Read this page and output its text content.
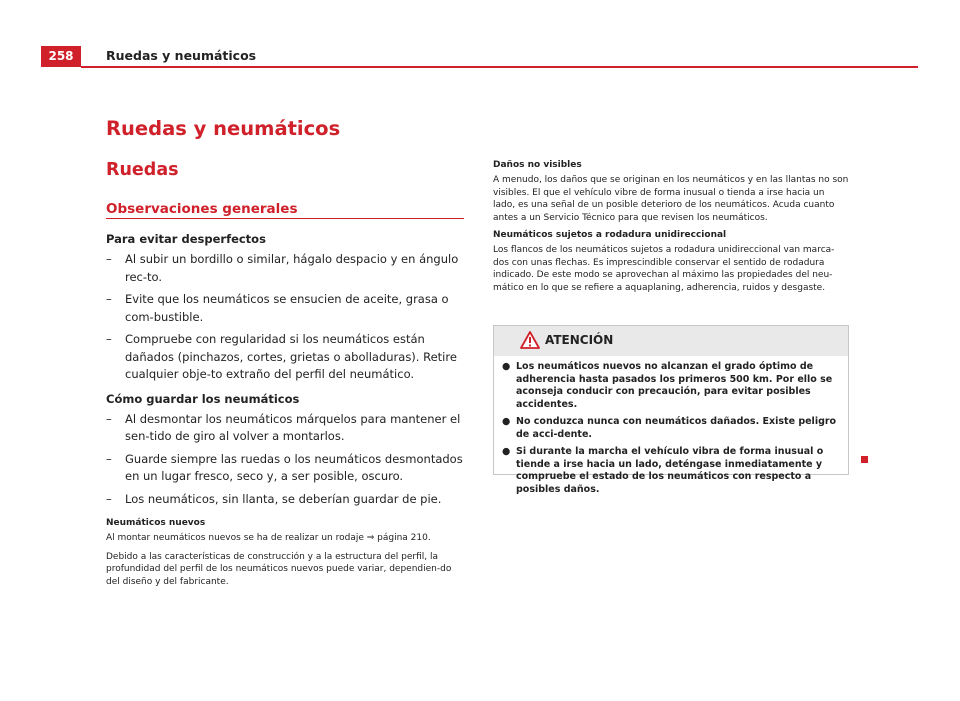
258	Ruedas y neumáticos
Ruedas y neumáticos
Ruedas
Observaciones generales

Para evitar desperfectos

– Al subir un bordillo o similar, hágalo despacio y en ángulo rec-to.
– Evite que los neumáticos se ensucien de aceite, grasa o com-bustible.
– Compruebe con regularidad si los neumáticos están dañados (pinchazos, cortes, grietas o abolladuras). Retire cualquier obje-to extraño del perfil del neumático.

Cómo guardar los neumáticos

– Al desmontar los neumáticos márquelos para mantener el sen-tido de giro al volver a montarlos.
– Guarde siempre las ruedas o los neumáticos desmontados en un lugar fresco, seco y, a ser posible, oscuro.
– Los neumáticos, sin llanta, se deberían guardar de pie.

Neumáticos nuevos

Al montar neumáticos nuevos se ha de realizar un rodaje ⇒ página 210.

Debido a las características de construcción y a la estructura del perfil, la profundidad del perfil de los neumáticos nuevos puede variar, dependien-do del diseño y del fabricante.

Daños no visibles

A menudo, los daños que se originan en los neumáticos y en las llantas no son visibles. El que el vehículo vibre de forma inusual o tienda a irse hacia un lado, es una señal de un posible deterioro de los neumáticos. Acuda cuanto antes a un Servicio Técnico para que revisen los neumáticos.

Neumáticos sujetos a rodadura unidireccional

Los flancos de los neumáticos sujetos a rodadura unidireccional van marca-dos con unas flechas. Es imprescindible conservar el sentido de rodadura indicado. De este modo se aprovechan al máximo las propiedades del neu-mático en lo que se refiere a aquaplaning, adherencia, ruidos y desgaste.

ATENCIÓN
● Los neumáticos nuevos no alcanzan el grado óptimo de adherencia hasta pasados los primeros 500 km. Por ello se aconseja conducir con precaución, para evitar posibles accidentes.
● No conduzca nunca con neumáticos dañados. Existe peligro de acci-dente.
● Si durante la marcha el vehículo vibra de forma inusual o tiende a irse hacia un lado, deténgase inmediatamente y compruebe el estado de los neumáticos con respecto a posibles daños.
